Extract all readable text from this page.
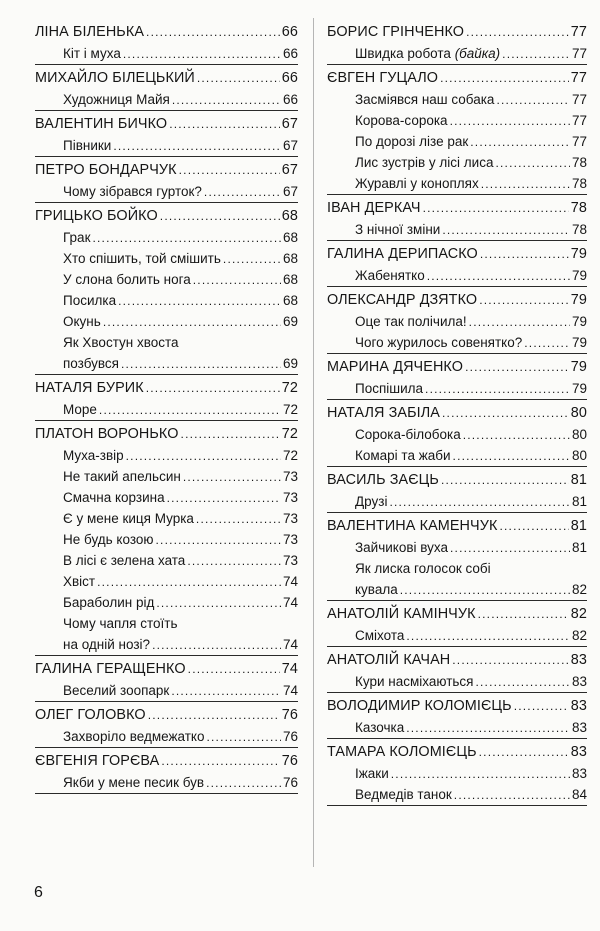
ЛІНА БІЛЕНЬКА .....	66
Кіт і муха .....	66
МИХАЙЛО БІЛЕЦЬКИЙ .....	66
Художниця Майя .....	66
ВАЛЕНТИН БИЧКО .....	67
Півники .....	67
ПЕТРО БОНДАРЧУК .....	67
Чому зібрався гурток? .....	67
ГРИЦЬКО БОЙКО .....	68
Грак .....	68
Хто спішить, той смішить .....	68
У слона болить нога .....	68
Посилка .....	68
Окунь .....	69
Як Хвостун хвоста
позбувся .....	69
НАТАЛЯ БУРИК .....	72
Море .....	72
ПЛАТОН ВОРОНЬКО .....	72
Муха-звір .....	72
Не такий апельсин .....	73
Смачна корзина .....	73
Є у мене киця Мурка .....	73
Не будь козою .....	73
В лісі є зелена хата .....	73
Хвіст .....	74
Бараболин рід .....	74
Чому чапля стоїть
на одній нозі? .....	74
ГАЛИНА ГЕРАЩЕНКО .....	74
Веселий зоопарк .....	74
ОЛЕГ ГОЛОВКО .....	76
Захворіло ведмежатко .....	76
ЄВГЕНІЯ ГОРЄВА .....	76
Якби у мене песик був .....	76
БОРИС ГРІНЧЕНКО .....	77
Швидка робота (байка) .....	77
ЄВГЕН ГУЦАЛО .....	77
Засміявся наш собака .....	77
Корова-сорока .....	77
По дорозі лізе рак .....	77
Лис зустрів у лісі лиса .....	78
Журавлі у коноплях .....	78
ІВАН ДЕРКАЧ .....	78
З нічної зміни .....	78
ГАЛИНА ДЕРИПАСКО .....	79
Жабенятко .....	79
ОЛЕКСАНДР ДЗЯТКО .....	79
Оце так полічила! .....	79
Чого журилось совенятко? .....	79
МАРИНА ДЯЧЕНКО .....	79
Поспішила .....	79
НАТАЛЯ ЗАБІЛА .....	80
Сорока-білобока .....	80
Комарі та жаби .....	80
ВАСИЛЬ ЗАЄЦЬ .....	81
Друзі .....	81
ВАЛЕНТИНА КАМЕНЧУК .....	81
Зайчикові вуха .....	81
Як лиска голосок собі
кувала .....	82
АНАТОЛІЙ КАМІНЧУК .....	82
Сміхота .....	82
АНАТОЛІЙ КАЧАН .....	83
Кури насміхаються .....	83
ВОЛОДИМИР КОЛОМІЄЦЬ .....	83
Казочка .....	83
ТАМАРА КОЛОМІЄЦЬ .....	83
Іжаки .....	83
Ведмедів танок .....	84
6
